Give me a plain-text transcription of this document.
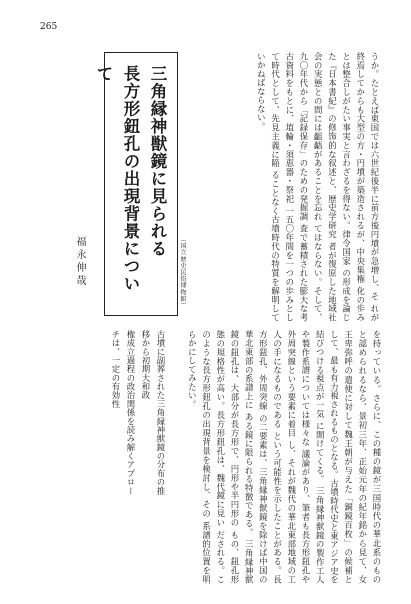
265

うか。たとえば東国では六世紀後半に前方後円墳が急増し、そ れが終焉してからも大型の方・円墳が築造されるが、中央集権 化の歩みとは整合しがたい事実と言わざるを得ない。律令国家 の形成を論じた『日本書紀』の修饰的な叙述と、歴史学研究 者が復原した地域社会の実態との間には齟齬があることを忘れ てはならない。そして、九〇年代から「記録保存」のための発掘調 査で蓄積された膨大な考古資料をもとに、埴輪・須恵器・祭祀 一五〇年間を一つの歩みとして時代として、先見主義に陥 ることなく古墳時代の特質を解明していかねばならない。

（国立歴史民俗博物館）
三角縁神獣鏡に見られる
長方形鈕孔の出現背景について
福永伸哉

を持っている。さらに、この種の鏡が三国時代の華北系のもの と認められるなら、景初三年、正始元年の紀年銘から見て、女 王卑弥呼の遣使に対して魏王朝が与えた「銅鏡百枚」の候補と して、最も有力視されるものとなる。古墳時代史と東アジア史を結びつける視点が一気 に開けてくる。 三角縁神獣鏡の製作工人や製作系譜については様々な 議論があり、筆者も長方形鈕孔や外周突線という要素に着目 し、それが魏代の華北東部地域の工人の手になるものである という可能性を示したことがある。長方形鈕孔、外周突線 の二要素は、三角縁神獣鏡を除けば中国の華北東部の系譜上に ある鏡に限られる特徴である。 三角縁神獣鏡の鈕孔は、大部分が長方形で、円形や半円形の もの、鈕孔形態の規格性が高い。長方形鈕孔は、魏代鏡に見い だされる。このような長方形鈕孔の出現背景を検討し、その 系譜的位置を明らかにしてみたい。

古墳に副葬された三角縁神獣鏡の分布の推移から初期大和政
権成立過程の政治関係を読み解くアプローチは、一定の有効性
